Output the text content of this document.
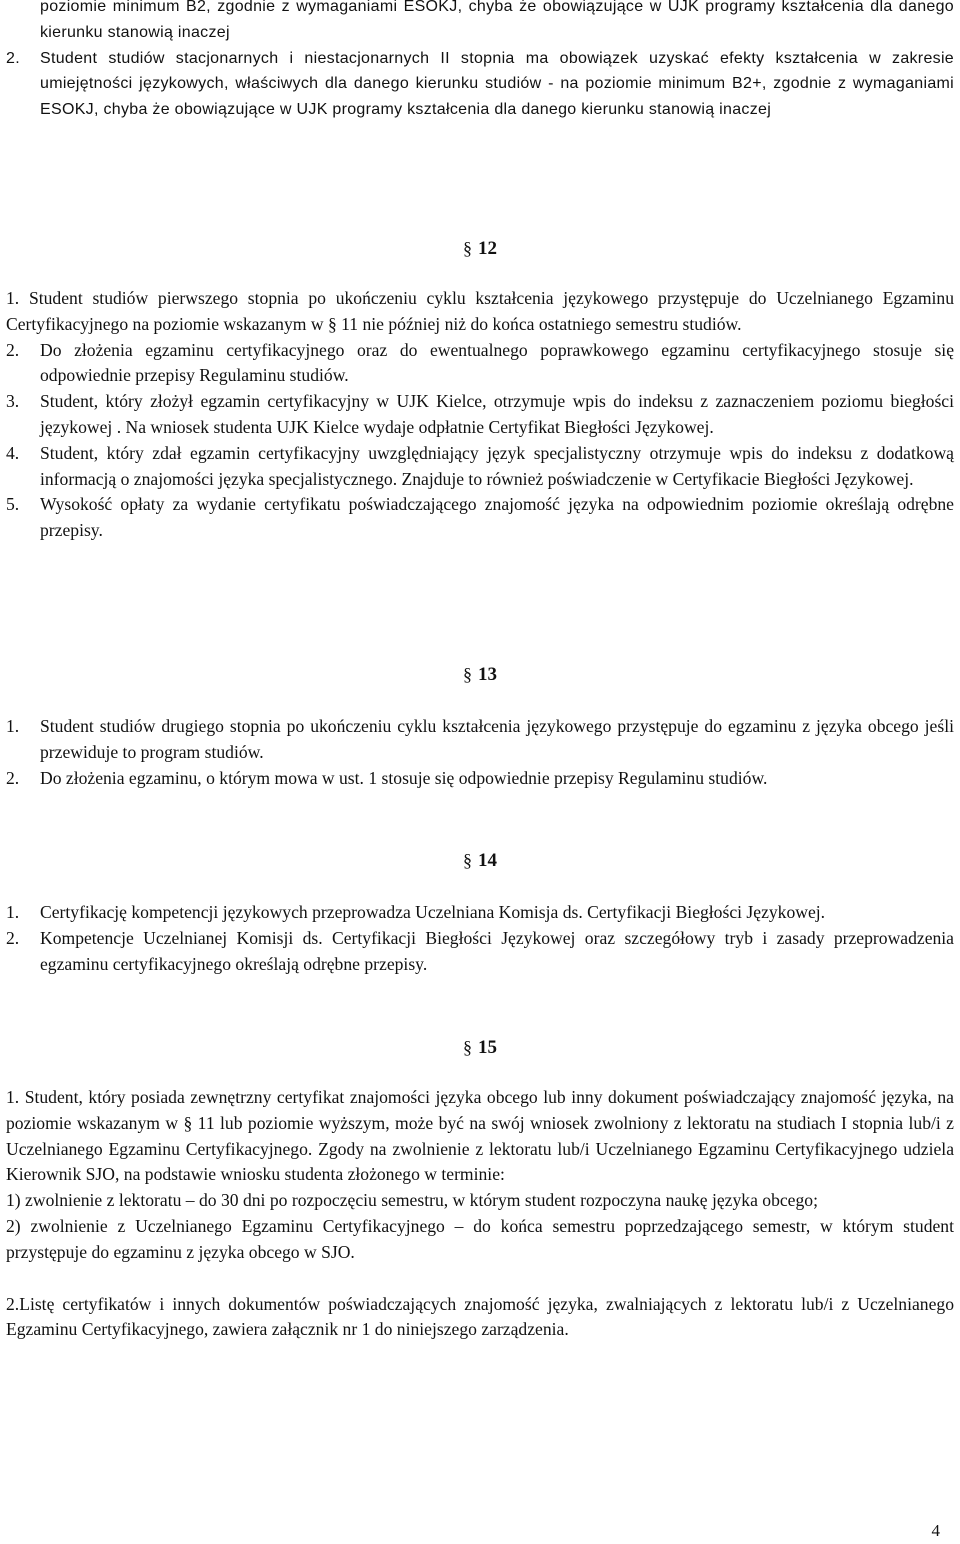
poziomie minimum B2, zgodnie z wymaganiami ESOKJ, chyba że obowiązujące w UJK programy kształcenia dla danego kierunku stanowią inaczej
2.	Student studiów stacjonarnych i niestacjonarnych II stopnia ma obowiązek uzyskać efekty kształcenia w zakresie umiejętności językowych, właściwych dla danego kierunku studiów - na poziomie minimum B2+, zgodnie z wymaganiami ESOKJ, chyba że obowiązujące w UJK programy kształcenia dla danego kierunku stanowią inaczej
§ 12
1. Student studiów pierwszego stopnia po ukończeniu cyklu kształcenia językowego przystępuje do Uczelnianego Egzaminu Certyfikacyjnego na poziomie wskazanym w § 11 nie później niż do końca ostatniego semestru studiów.
2.	Do złożenia egzaminu certyfikacyjnego oraz do ewentualnego poprawkowego egzaminu certyfikacyjnego stosuje się odpowiednie przepisy Regulaminu studiów.
3.	Student, który złożył egzamin certyfikacyjny w UJK Kielce, otrzymuje wpis do indeksu z zaznaczeniem poziomu biegłości językowej . Na wniosek studenta UJK Kielce wydaje odpłatnie Certyfikat Biegłości Językowej.
4.	Student, który zdał egzamin certyfikacyjny uwzględniający język specjalistyczny otrzymuje wpis do indeksu z dodatkową informacją o znajomości języka specjalistycznego. Znajduje to również poświadczenie w Certyfikacie Biegłości Językowej.
5.	Wysokość opłaty za wydanie certyfikatu poświadczającego znajomość języka na odpowiednim poziomie określają odrębne przepisy.
§ 13
1.	Student studiów drugiego stopnia po ukończeniu cyklu kształcenia językowego przystępuje do egzaminu z języka obcego jeśli przewiduje to program studiów.
2.	Do złożenia egzaminu, o którym mowa w ust. 1 stosuje się odpowiednie przepisy Regulaminu studiów.
§ 14
1.	Certyfikację kompetencji językowych przeprowadza Uczelniana Komisja ds. Certyfikacji Biegłości Językowej.
2.	Kompetencje Uczelnianej Komisji ds. Certyfikacji Biegłości Językowej oraz szczegółowy tryb i zasady przeprowadzenia egzaminu certyfikacyjnego określają odrębne przepisy.
§ 15
1. Student, który posiada zewnętrzny certyfikat znajomości języka obcego lub inny dokument poświadczający znajomość języka, na poziomie wskazanym w § 11 lub poziomie wyższym, może być na swój wniosek zwolniony z lektoratu na studiach I stopnia lub/i z Uczelnianego Egzaminu Certyfikacyjnego. Zgody na zwolnienie z lektoratu lub/i Uczelnianego Egzaminu Certyfikacyjnego udziela Kierownik SJO, na podstawie wniosku studenta złożonego w terminie:
1) zwolnienie z lektoratu – do 30 dni po rozpoczęciu semestru, w którym student rozpoczyna naukę języka obcego;
2) zwolnienie z Uczelnianego Egzaminu Certyfikacyjnego – do końca semestru poprzedzającego semestr, w którym student przystępuje do egzaminu z języka obcego w SJO.
2.Listę certyfikatów i innych dokumentów poświadczających znajomość języka, zwalniających z lektoratu lub/i z Uczelnianego Egzaminu Certyfikacyjnego, zawiera załącznik nr 1 do niniejszego zarządzenia.
4
